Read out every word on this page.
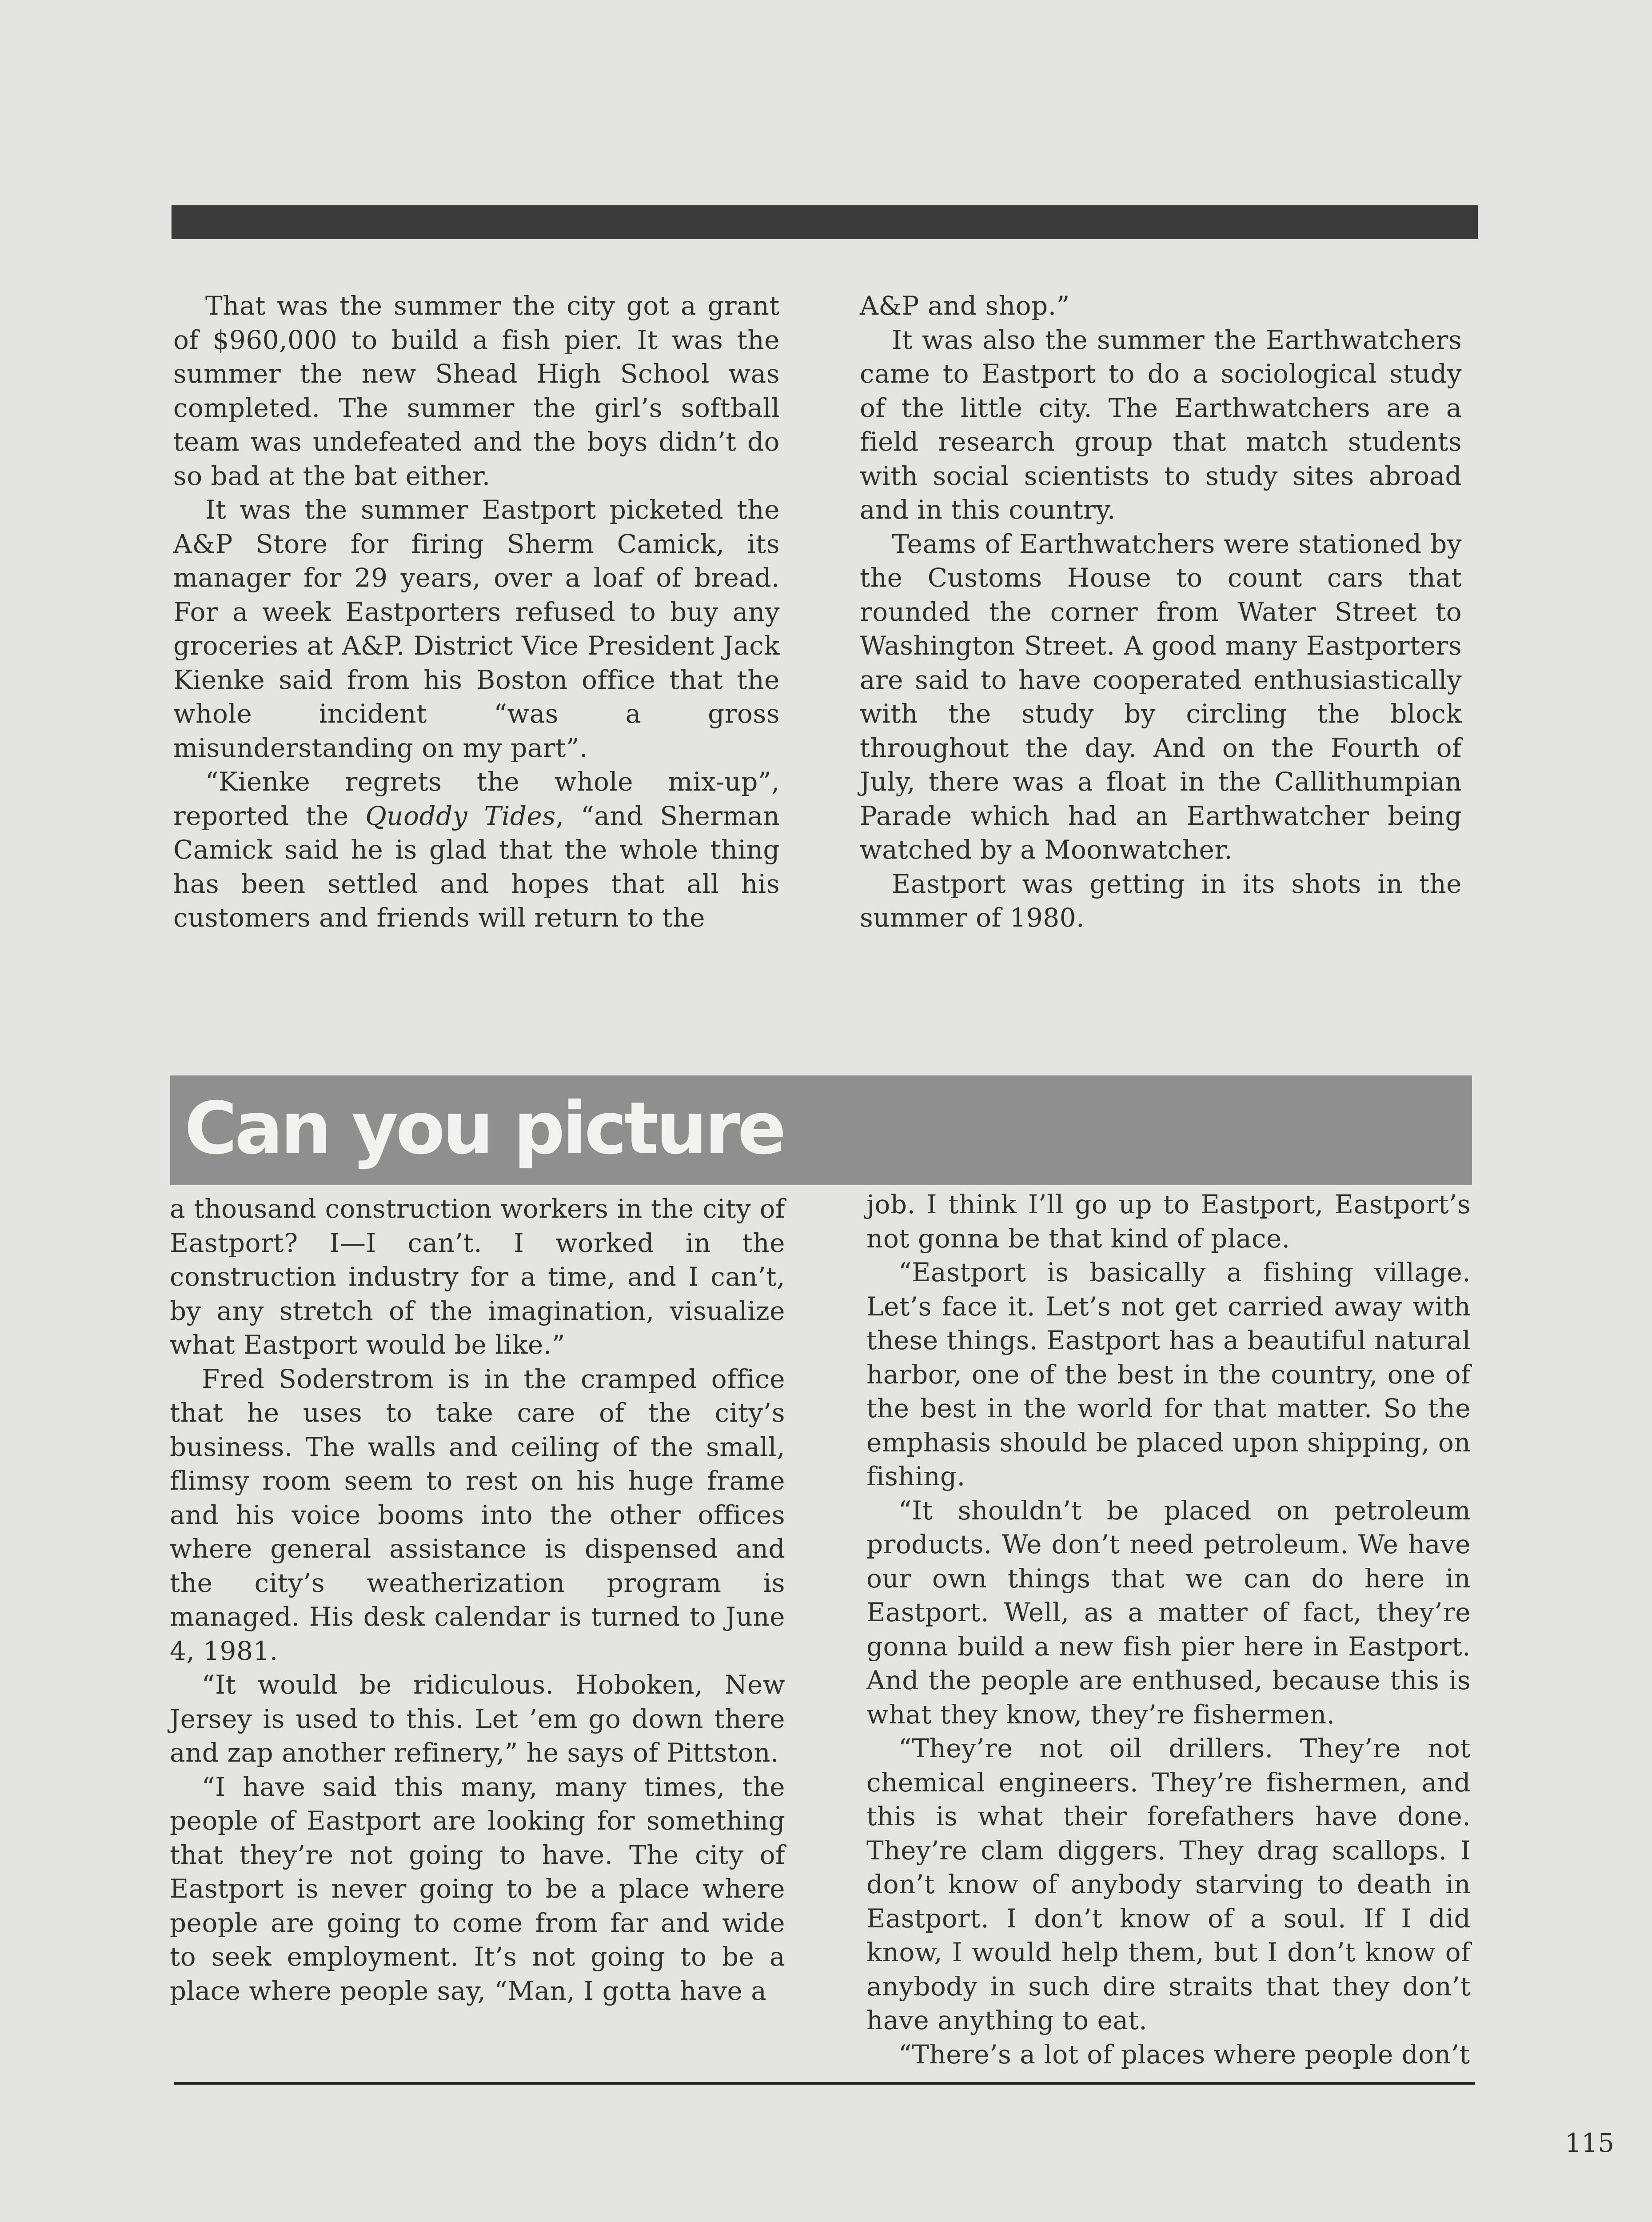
That was the summer the city got a grant of $960,000 to build a fish pier. It was the summer the new Shead High School was completed. The summer the girl’s softball team was undefeated and the boys didn’t do so bad at the bat either.

It was the summer Eastport picketed the A&P Store for firing Sherm Camick, its manager for 29 years, over a loaf of bread. For a week Eastporters refused to buy any groceries at A&P. District Vice President Jack Kienke said from his Boston office that the whole incident “was a gross misunderstanding on my part”.

“Kienke regrets the whole mix-up”, reported the Quoddy Tides, “and Sherman Camick said he is glad that the whole thing has been settled and hopes that all his customers and friends will return to the

A&P and shop.”

It was also the summer the Earthwatchers came to Eastport to do a sociological study of the little city. The Earthwatchers are a field research group that match students with social scientists to study sites abroad and in this country.

Teams of Earthwatchers were stationed by the Customs House to count cars that rounded the corner from Water Street to Washington Street. A good many Eastporters are said to have cooperated enthusiastically with the study by circling the block throughout the day. And on the Fourth of July, there was a float in the Callithumpian Parade which had an Earthwatcher being watched by a Moonwatcher.

Eastport was getting in its shots in the summer of 1980.

Can you picture

a thousand construction workers in the city of Eastport? I—I can’t. I worked in the construction industry for a time, and I can’t, by any stretch of the imagination, visualize what Eastport would be like.”

Fred Soderstrom is in the cramped office that he uses to take care of the city’s business. The walls and ceiling of the small, flimsy room seem to rest on his huge frame and his voice booms into the other offices where general assistance is dispensed and the city’s weatherization program is managed. His desk calendar is turned to June 4, 1981.

“It would be ridiculous. Hoboken, New Jersey is used to this. Let ’em go down there and zap another refinery,” he says of Pittston.

“I have said this many, many times, the people of Eastport are looking for something that they’re not going to have. The city of Eastport is never going to be a place where people are going to come from far and wide to seek employment. It’s not going to be a place where people say, “Man, I gotta have a

job. I think I’ll go up to Eastport, Eastport’s not gonna be that kind of place.

“Eastport is basically a fishing village. Let’s face it. Let’s not get carried away with these things. Eastport has a beautiful natural harbor, one of the best in the country, one of the best in the world for that matter. So the emphasis should be placed upon shipping, on fishing.

“It shouldn’t be placed on petroleum products. We don’t need petroleum. We have our own things that we can do here in Eastport. Well, as a matter of fact, they’re gonna build a new fish pier here in Eastport. And the people are enthused, because this is what they know, they’re fishermen.

“They’re not oil drillers. They’re not chemical engineers. They’re fishermen, and this is what their forefathers have done. They’re clam diggers. They drag scallops. I don’t know of anybody starving to death in Eastport. I don’t know of a soul. If I did know, I would help them, but I don’t know of anybody in such dire straits that they don’t have anything to eat.

“There’s a lot of places where people don’t

115
